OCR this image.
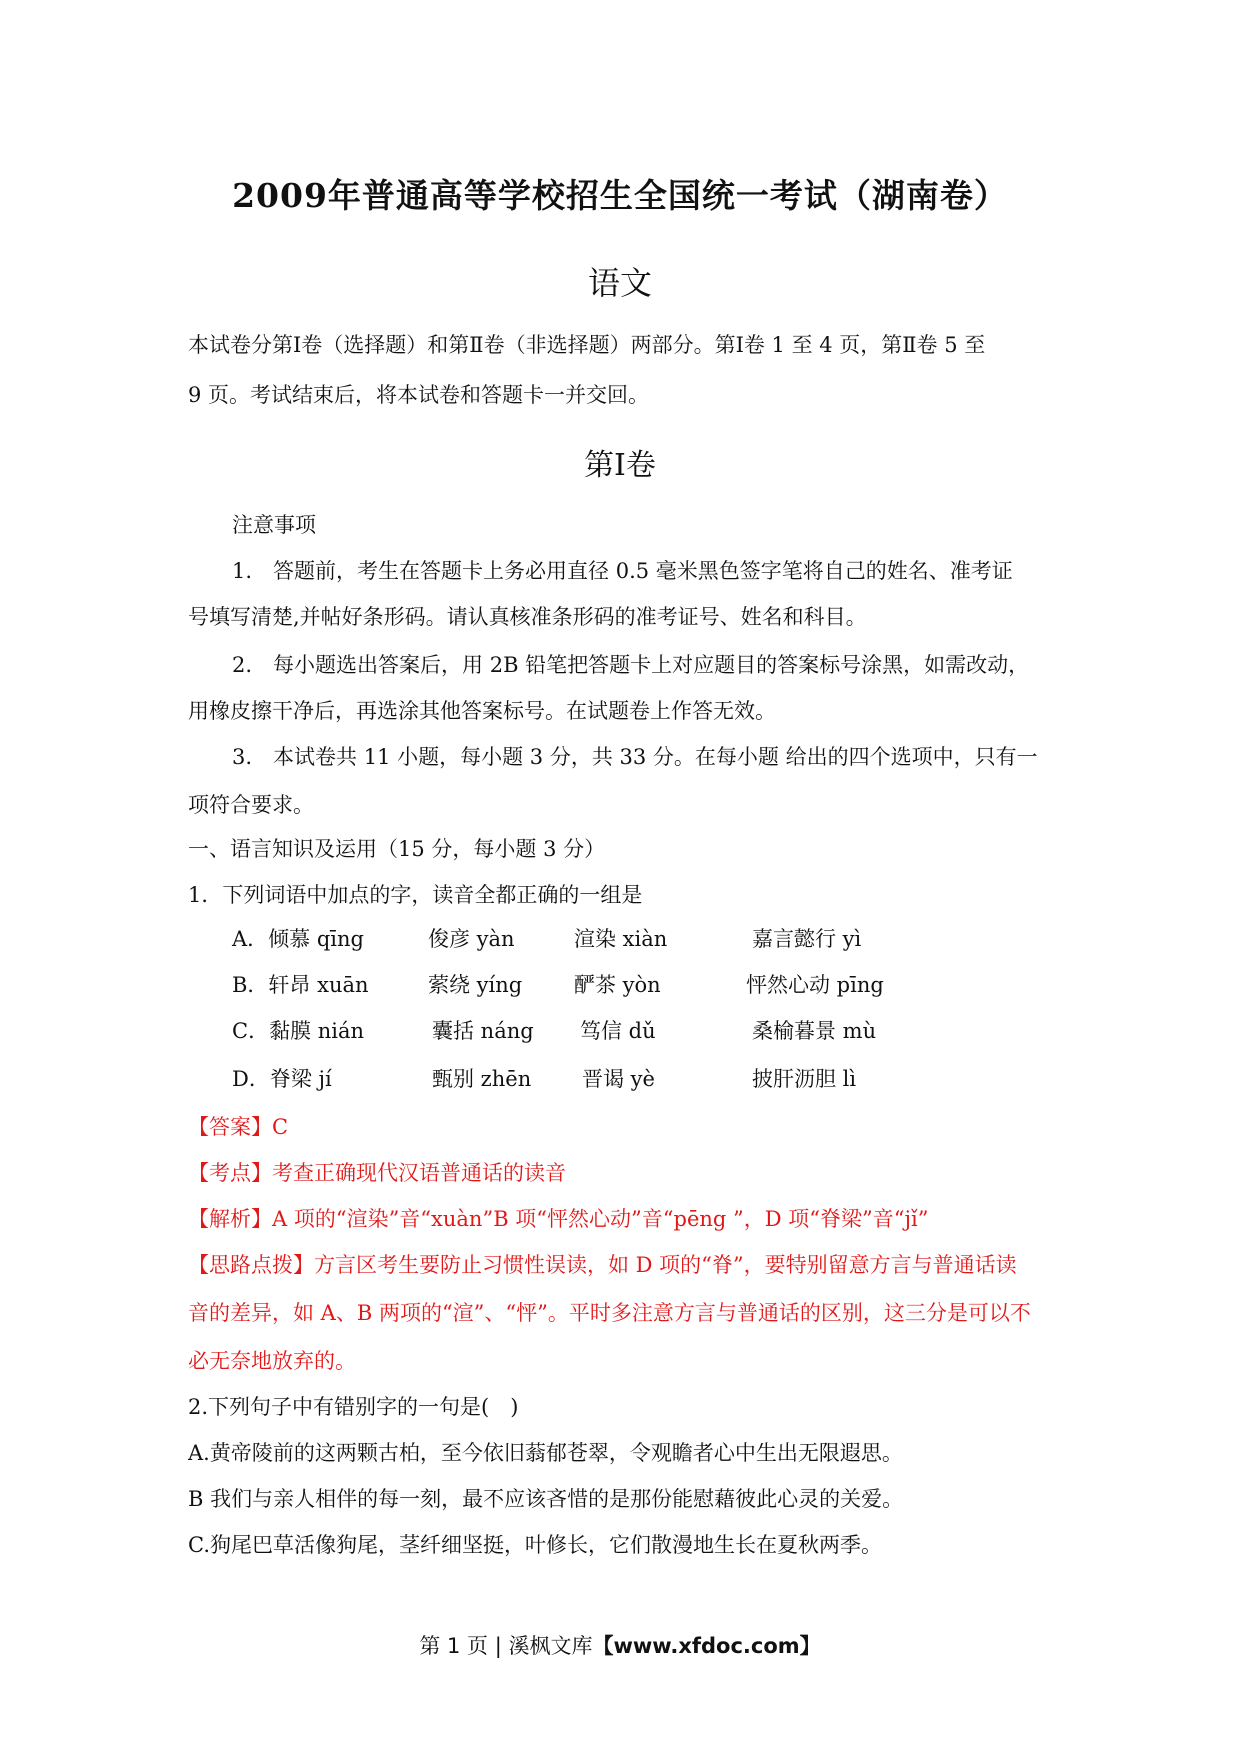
2009年普通高等学校招生全国统一考试（湖南卷）
语文
本试卷分第Ⅰ卷（选择题）和第Ⅱ卷（非选择题）两部分。第Ⅰ卷 1 至 4 页，第Ⅱ卷 5 至
9 页。考试结束后，将本试卷和答题卡一并交回。
第Ⅰ卷
注意事项
1.　答题前，考生在答题卡上务必用直径 0.5 毫米黑色签字笔将自己的姓名、准考证
号填写清楚,并帖好条形码。请认真核准条形码的准考证号、姓名和科目。
2.　每小题选出答案后，用 2B 铅笔把答题卡上对应题目的答案标号涂黑，如需改动，
用橡皮擦干净后，再选涂其他答案标号。在试题卷上作答无效。
3.　本试卷共 11 小题，每小题 3 分，共 33 分。在每小题 给出的四个选项中，只有一
项符合要求。
一、语言知识及运用（15 分，每小题 3 分）
1．下列词语中加点的字，读音全都正确的一组是
A．倾慕 qīng	俊彦 yàn	渲染 xiàn	嘉言懿行 yì
B．轩昂 xuān	萦绕 yíng 酽茶 yòn	怦然心动 pīng
C．黏膜 nián	囊括 náng 笃信 dǔ	桑榆暮景 mù
D．脊梁 jí	甄别 zhēn 晋谒 yè	披肝沥胆 lì
【答案】C
【考点】考查正确现代汉语普通话的读音
【解析】A 项的“渲染”音“xuàn”B 项“怦然心动”音“pēng ”，D 项“脊梁”音“jǐ”
【思路点拨】方言区考生要防止习惯性误读，如 D 项的“脊”，要特别留意方言与普通话读
音的差异，如 A、B 两项的“渲”、“怦”。平时多注意方言与普通话的区别，这三分是可以不
必无奈地放弃的。
2.下列句子中有错别字的一句是(　)
A.黄帝陵前的这两颗古柏，至今依旧蓊郁苍翠，令观瞻者心中生出无限遐思。
B 我们与亲人相伴的每一刻，最不应该吝惜的是那份能慰藉彼此心灵的关爱。
C.狗尾巴草活像狗尾，茎纤细坚挺，叶修长，它们散漫地生长在夏秋两季。
第 1 页 | 溪枫文库【www.xfdoc.com】
